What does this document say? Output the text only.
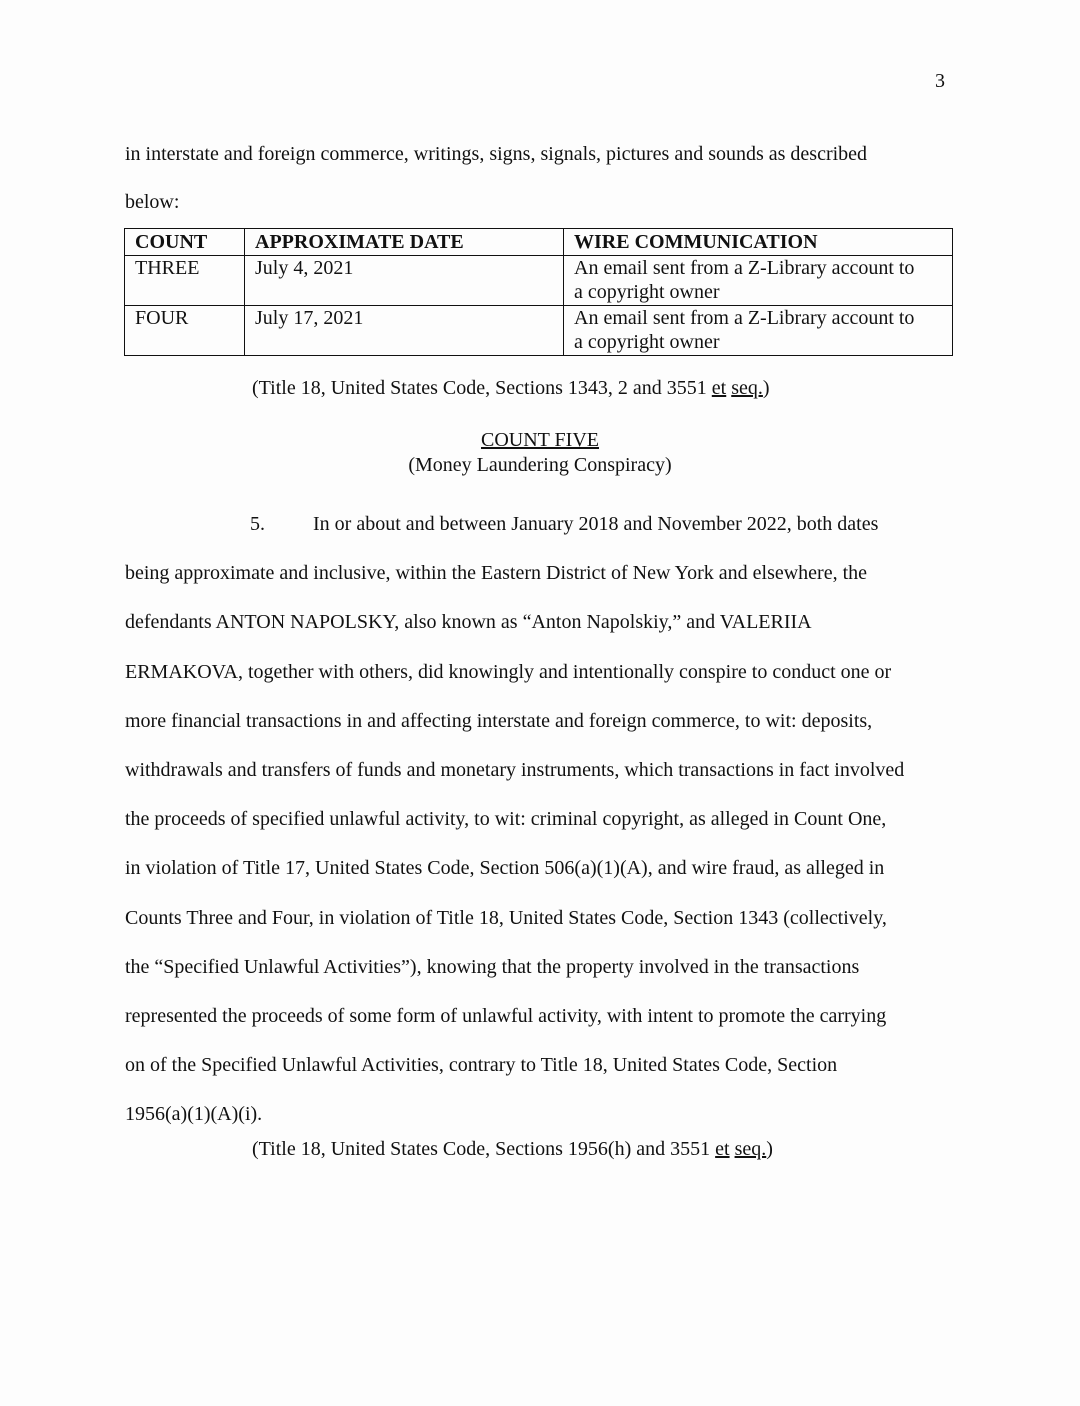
3
in interstate and foreign commerce, writings, signs, signals, pictures and sounds as described
below:
COUNT	APPROXIMATE DATE	WIRE COMMUNICATION
THREE	July 4, 2021	An email sent from a Z-Library account to
a copyright owner

FOUR	July 17, 2021	An email sent from a Z-Library account to
a copyright owner
(Title 18, United States Code, Sections 1343, 2 and 3551 et seq.)
COUNT FIVE
(Money Laundering Conspiracy)
5. In or about and between January 2018 and November 2022, both dates
being approximate and inclusive, within the Eastern District of New York and elsewhere, the
defendants ANTON NAPOLSKY, also known as “Anton Napolskiy,” and VALERIIA
ERMAKOVA, together with others, did knowingly and intentionally conspire to conduct one or
more financial transactions in and affecting interstate and foreign commerce, to wit: deposits,
withdrawals and transfers of funds and monetary instruments, which transactions in fact involved
the proceeds of specified unlawful activity, to wit: criminal copyright, as alleged in Count One,
in violation of Title 17, United States Code, Section 506(a)(1)(A), and wire fraud, as alleged in
Counts Three and Four, in violation of Title 18, United States Code, Section 1343 (collectively,
the “Specified Unlawful Activities”), knowing that the property involved in the transactions
represented the proceeds of some form of unlawful activity, with intent to promote the carrying
on of the Specified Unlawful Activities, contrary to Title 18, United States Code, Section
1956(a)(1)(A)(i).
(Title 18, United States Code, Sections 1956(h) and 3551 et seq.)
